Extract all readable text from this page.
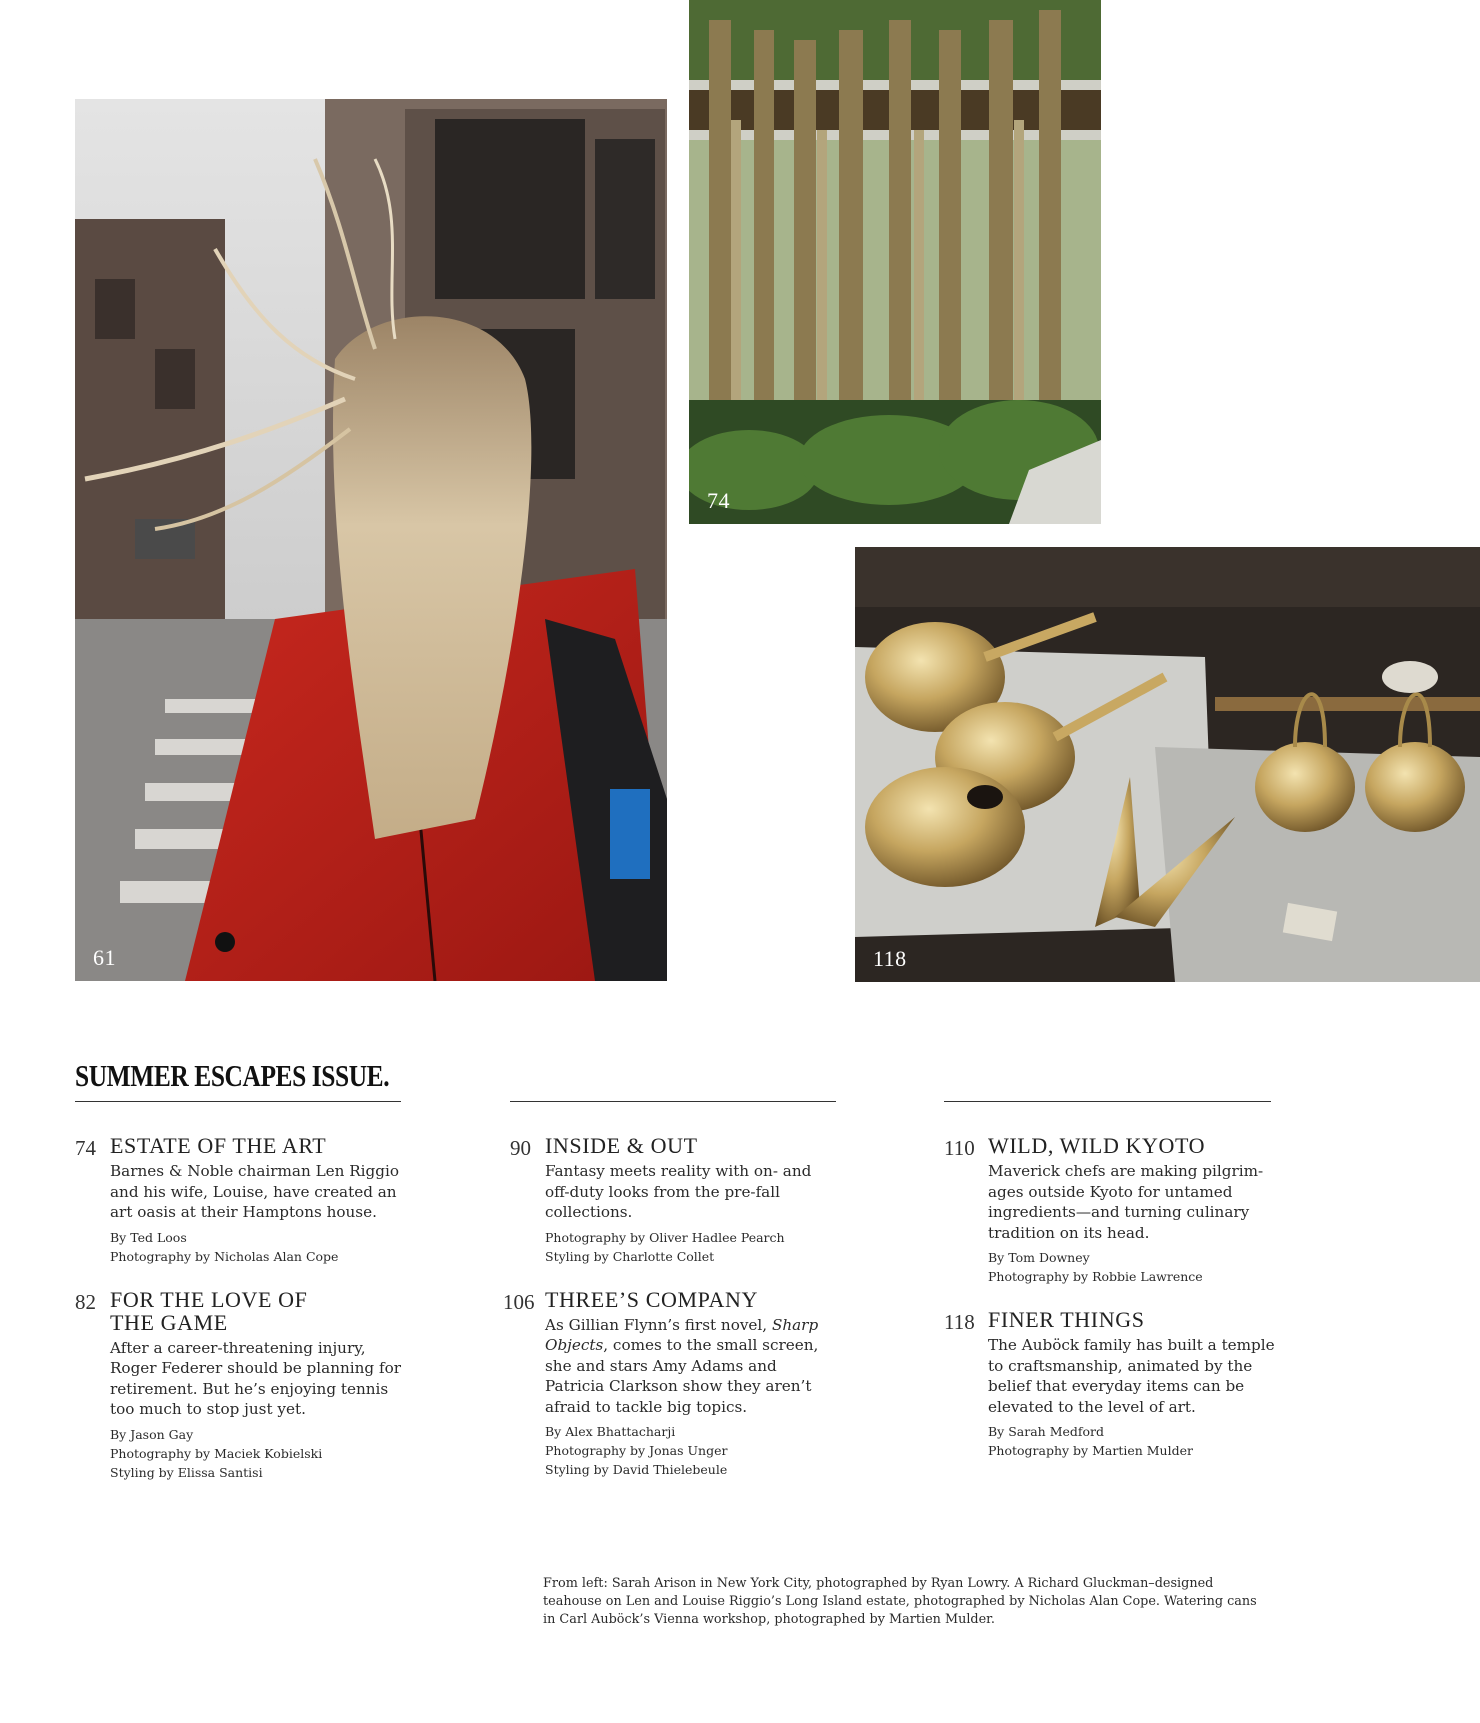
61
74
118
SUMMER ESCAPES ISSUE.
74 ESTATE OF THE ART

Barnes & Noble chairman Len Riggio and his wife, Louise, have created an art oasis at their Hamptons house.

By Ted Loos

Photography by Nicholas Alan Cope

82 FOR THE LOVE OF THE GAME

After a career-threatening injury, Roger Federer should be planning for retirement. But he’s enjoying tennis too much to stop just yet.

By Jason Gay

Photography by Maciek Kobielski

Styling by Elissa Santisi

90 INSIDE & OUT

Fantasy meets reality with on- and off-duty looks from the pre-fall collections.

Photography by Oliver Hadlee Pearch

Styling by Charlotte Collet

106 THREE’S COMPANY

As Gillian Flynn’s first novel, Sharp Objects, comes to the small screen, she and stars Amy Adams and Patricia Clarkson show they aren’t afraid to tackle big topics.

By Alex Bhattacharji

Photography by Jonas Unger

Styling by David Thielebeule

110 WILD, WILD KYOTO

Maverick chefs are making pilgrim-ages outside Kyoto for untamed ingredients—and turning culinary tradition on its head.

By Tom Downey

Photography by Robbie Lawrence

118 FINER THINGS

The Auböck family has built a temple to craftsmanship, animated by the belief that everyday items can be elevated to the level of art.

By Sarah Medford

Photography by Martien Mulder

From left: Sarah Arison in New York City, photographed by Ryan Lowry. A Richard Gluckman–designed teahouse on Len and Louise Riggio’s Long Island estate, photographed by Nicholas Alan Cope. Watering cans in Carl Auböck’s Vienna workshop, photographed by Martien Mulder.
